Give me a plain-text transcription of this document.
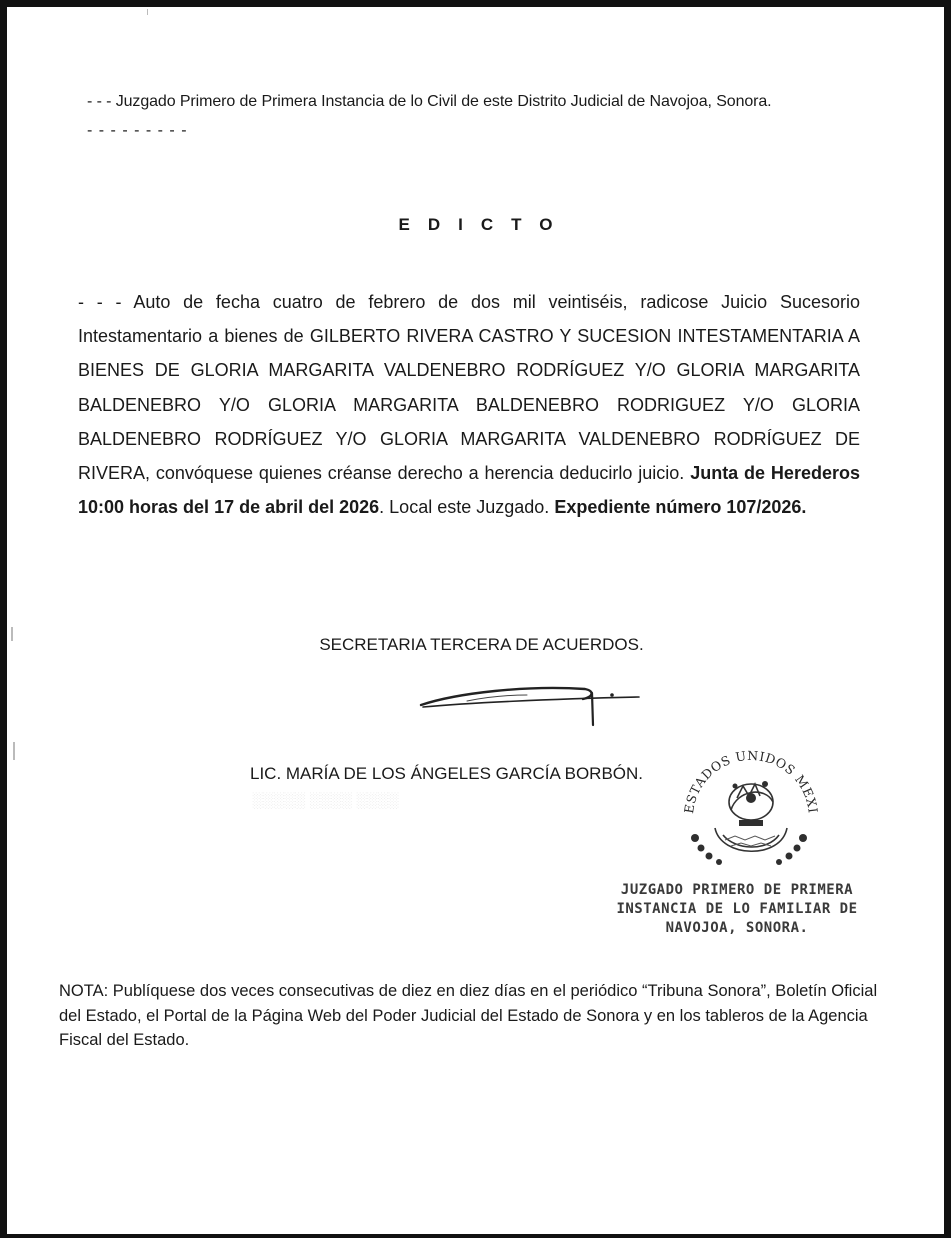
- - - Juzgado Primero de Primera Instancia de lo Civil de este Distrito Judicial de Navojoa, Sonora.
- - - - - - - - -
EDICTO
- - - Auto de fecha cuatro de febrero de dos mil veintiséis, radicose Juicio Sucesorio Intestamentario a bienes de GILBERTO RIVERA CASTRO Y SUCESION INTESTAMENTARIA A BIENES DE GLORIA MARGARITA VALDENEBRO RODRÍGUEZ Y/O GLORIA MARGARITA BALDENEBRO Y/O GLORIA MARGARITA BALDENEBRO RODRIGUEZ Y/O GLORIA BALDENEBRO RODRÍGUEZ Y/O GLORIA MARGARITA VALDENEBRO RODRÍGUEZ DE RIVERA, convóquese quienes créanse derecho a herencia deducirlo juicio. Junta de Herederos 10:00 horas del 17 de abril del 2026. Local este Juzgado. Expediente número 107/2026.
SECRETARIA TERCERA DE ACUERDOS.
LIC. MARÍA DE LOS ÁNGELES GARCÍA BORBÓN.
░░░░░ ░░░░ ░░░░	ESTADOS UNIDOS MEXI
JUZGADO PRIMERO DE PRIMERA
INSTANCIA DE LO FAMILIAR DE
NAVOJOA, SONORA.
NOTA: Publíquese dos veces consecutivas de diez en diez días en el periódico “Tribuna Sonora”, Boletín Oficial del Estado, el Portal de la Página Web del Poder Judicial del Estado de Sonora y en los tableros de la Agencia Fiscal del Estado.
